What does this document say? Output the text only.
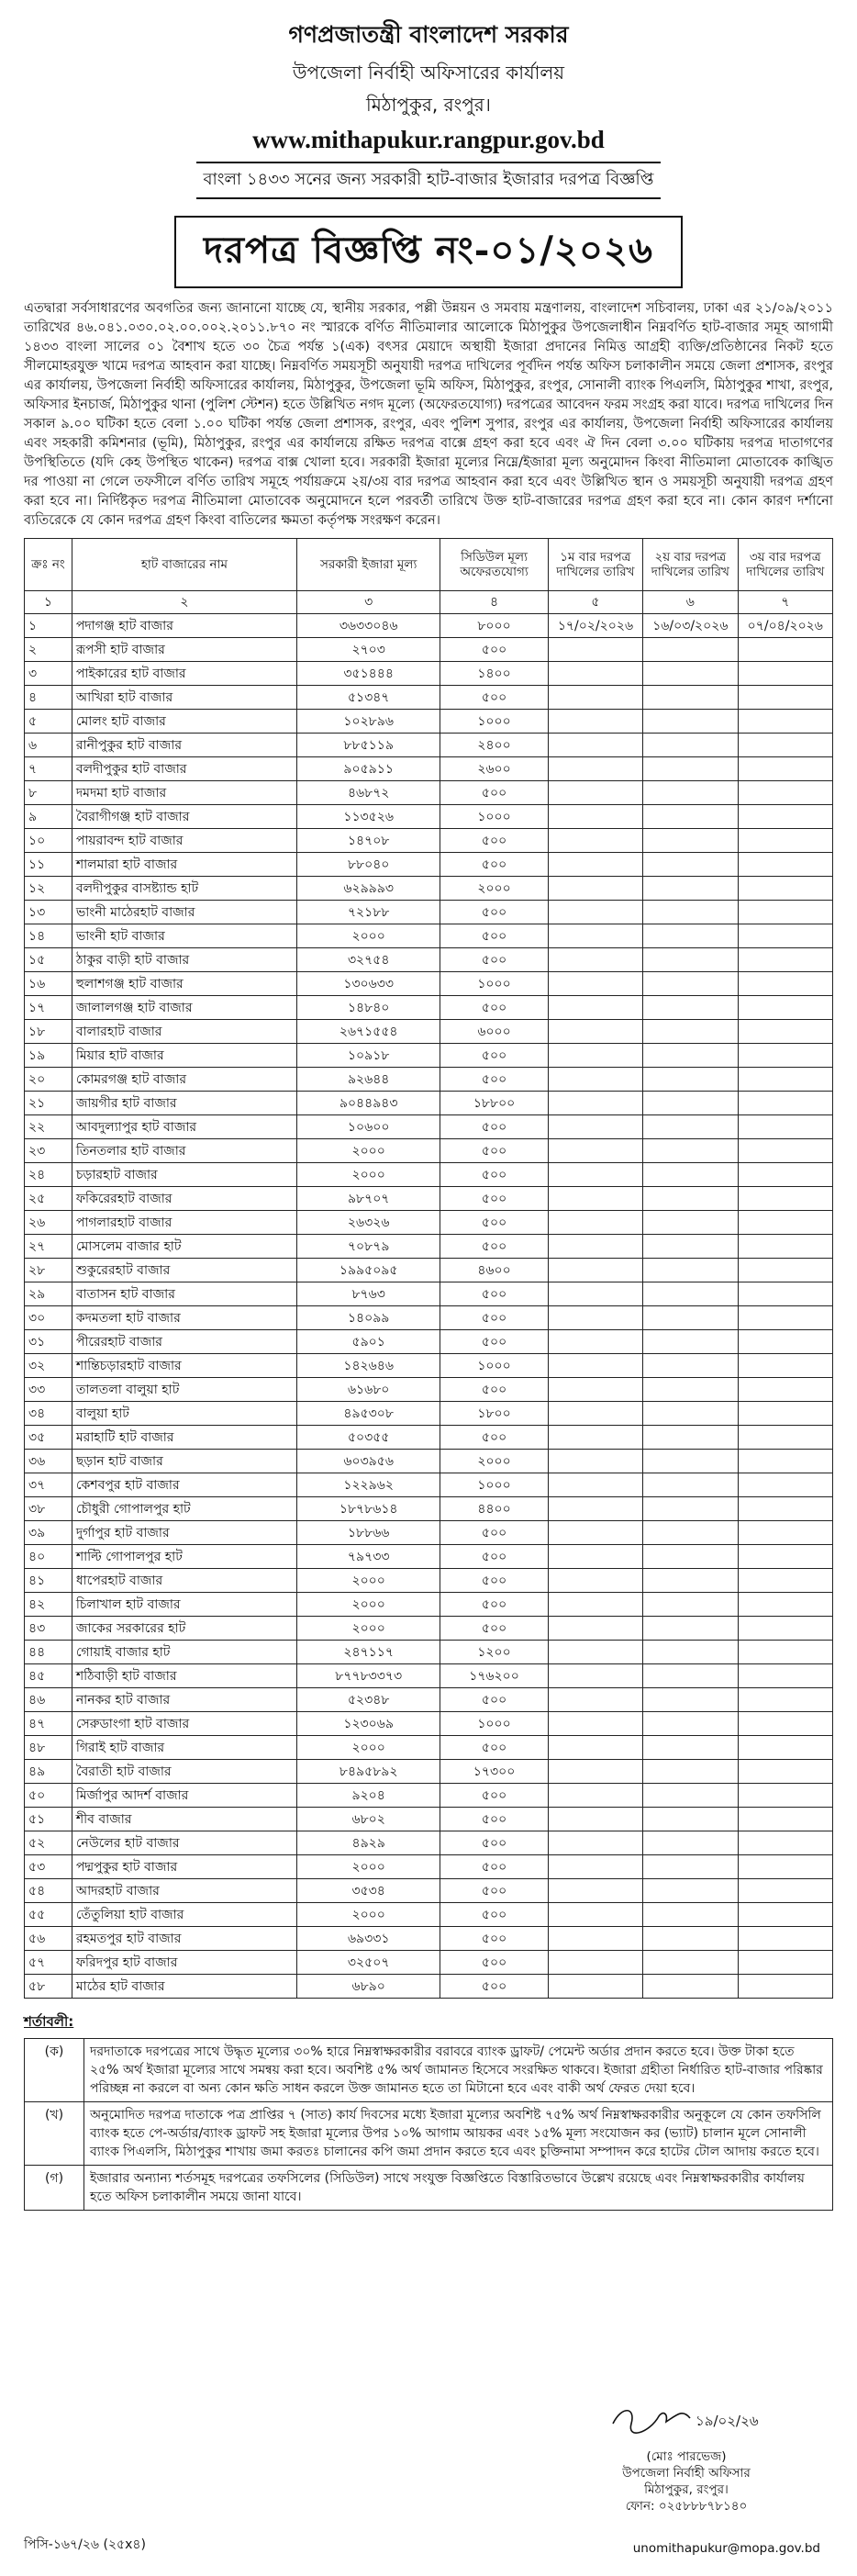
গণপ্রজাতন্ত্রী বাংলাদেশ সরকার
উপজেলা নির্বাহী অফিসারের কার্যালয়
মিঠাপুকুর, রংপুর।
www.mithapukur.rangpur.gov.bd
বাংলা ১৪৩৩ সনের জন্য সরকারী হাট-বাজার ইজারার দরপত্র বিজ্ঞপ্তি
দরপত্র বিজ্ঞপ্তি নং-০১/২০২৬

এতদ্বারা সর্বসাধারণের অবগতির জন্য জানানো যাচ্ছে যে, স্থানীয় সরকার, পল্লী উন্নয়ন ও সমবায় মন্ত্রণালয়, বাংলাদেশ সচিবালয়, ঢাকা এর ২১/০৯/২০১১ তারিখের ৪৬.০৪১.০৩০.০২.০০.০০২.২০১১.৮৭০ নং স্মারকে বর্ণিত নীতিমালার আলোকে মিঠাপুকুর উপজেলাধীন নিম্নবর্ণিত হাট-বাজার সমূহ আগামী ১৪৩৩ বাংলা সালের ০১ বৈশাখ হতে ৩০ চৈত্র পর্যন্ত ১(এক) বৎসর মেয়াদে অস্থায়ী ইজারা প্রদানের নিমিত্ত আগ্রহী ব্যক্তি/প্রতিষ্ঠানের নিকট হতে সীলমোহরযুক্ত খামে দরপত্র আহবান করা যাচ্ছে। নিম্নবর্ণিত সময়সূচী অনুযায়ী দরপত্র দাখিলের পূর্বদিন পর্যন্ত অফিস চলাকালীন সময়ে জেলা প্রশাসক, রংপুর এর কার্যালয়, উপজেলা নির্বাহী অফিসারের কার্যালয়, মিঠাপুকুর, উপজেলা ভূমি অফিস, মিঠাপুকুর, রংপুর, সোনালী ব্যাংক পিএলসি, মিঠাপুকুর শাখা, রংপুর, অফিসার ইনচার্জ, মিঠাপুকুর থানা (পুলিশ স্টেশন) হতে উল্লিখিত নগদ মূল্যে (অফেরতযোগ্য) দরপত্রের আবেদন ফরম সংগ্রহ করা যাবে। দরপত্র দাখিলের দিন সকাল ৯.০০ ঘটিকা হতে বেলা ১.০০ ঘটিকা পর্যন্ত জেলা প্রশাসক, রংপুর, এবং পুলিশ সুপার, রংপুর এর কার্যালয়, উপজেলা নির্বাহী অফিসারের কার্যালয় এবং সহকারী কমিশনার (ভূমি), মিঠাপুকুর, রংপুর এর কার্যালয়ে রক্ষিত দরপত্র বাক্সে গ্রহণ করা হবে এবং ঐ দিন বেলা ৩.০০ ঘটিকায় দরপত্র দাতাগণের উপস্থিতিতে (যদি কেহ উপস্থিত থাকেন) দরপত্র বাক্স খোলা হবে। সরকারী ইজারা মূল্যের নিম্নে/ইজারা মূল্য অনুমোদন কিংবা নীতিমালা মোতাবেক কাঙ্খিত দর পাওয়া না গেলে তফসীলে বর্ণিত তারিখ সমূহে পর্যায়ক্রমে ২য়/৩য় বার দরপত্র আহবান করা হবে এবং উল্লিখিত স্থান ও সময়সূচী অনুযায়ী দরপত্র গ্রহণ করা হবে না। নির্দিষ্টকৃত দরপত্র নীতিমালা মোতাবেক অনুমোদনে হলে পরবর্তী তারিখে উক্ত হাট-বাজারের দরপত্র গ্রহণ করা হবে না। কোন কারণ দর্শানো ব্যতিরেকে যে কোন দরপত্র গ্রহণ কিংবা বাতিলের ক্ষমতা কর্তৃপক্ষ সংরক্ষণ করেন।

ক্রঃ নং	হাট বাজারের নাম	সরকারী ইজারা মূল্য	সিডিউল মূল্য অফেরতযোগ্য	১ম বার দরপত্র দাখিলের তারিখ	২য় বার দরপত্র দাখিলের তারিখ	৩য় বার দরপত্র দাখিলের তারিখ
১	২	৩	৪	৫	৬	৭
১	পদাগঞ্জ হাট বাজার	৩৬৩৩০৪৬	৮০০০	১৭/০২/২০২৬	১৬/০৩/২০২৬	০৭/০৪/২০২৬
২	রূপসী হাট বাজার	২৭০৩	৫০০			
৩	পাইকারের হাট বাজার	৩৫১৪৪৪	১৪০০			
৪	আখিরা হাট বাজার	৫১৩৪৭	৫০০			
৫	মোলং হাট বাজার	১০২৮৯৬	১০০০			
৬	রানীপুকুর হাট বাজার	৮৮৫১১৯	২৪০০			
৭	বলদীপুকুর হাট বাজার	৯০৫৯১১	২৬০০			
৮	দমদমা হাট বাজার	৪৬৮৭২	৫০০			
৯	বৈরাগীগঞ্জ হাট বাজার	১১৩৫২৬	১০০০			
১০	পায়রাবন্দ হাট বাজার	১৪৭০৮	৫০০			
১১	শালমারা হাট বাজার	৮৮০৪০	৫০০			
১২	বলদীপুকুর বাসষ্ট্যান্ড হাট	৬২৯৯৯৩	২০০০			
১৩	ভাংনী মাঠেরহাট বাজার	৭২১৮৮	৫০০			
১৪	ভাংনী হাট বাজার	২০০০	৫০০			
১৫	ঠাকুর বাড়ী হাট বাজার	৩২৭৫৪	৫০০			
১৬	হুলাশগঞ্জ হাট বাজার	১৩০৬৩৩	১০০০			
১৭	জালালগঞ্জ হাট বাজার	১৪৮৪০	৫০০			
১৮	বালারহাট বাজার	২৬৭১৫৫৪	৬০০০			
১৯	মিয়ার হাট বাজার	১০৯১৮	৫০০			
২০	কোমরগঞ্জ হাট বাজার	৯২৬৪৪	৫০০			
২১	জায়গীর হাট বাজার	৯০৪৪৯৪৩	১৮৮০০			
২২	আবদুল্যাপুর হাট বাজার	১০৬০০	৫০০			
২৩	তিনতলার হাট বাজার	২০০০	৫০০			
২৪	চড়ারহাট বাজার	২০০০	৫০০			
২৫	ফকিরেরহাট বাজার	৯৮৭০৭	৫০০			
২৬	পাগলারহাট বাজার	২৬৩২৬	৫০০			
২৭	মোসলেম বাজার হাট	৭০৮৭৯	৫০০			
২৮	শুকুরেরহাট বাজার	১৯৯৫০৯৫	৪৬০০			
২৯	বাতাসন হাট বাজার	৮৭৬৩	৫০০			
৩০	কদমতলা হাট বাজার	১৪০৯৯	৫০০			
৩১	পীরেরহাট বাজার	৫৯০১	৫০০			
৩২	শান্তিচড়ারহাট বাজার	১৪২৬৪৬	১০০০			
৩৩	তালতলা বালুয়া হাট	৬১৬৮০	৫০০			
৩৪	বালুয়া হাট	৪৯৫৩০৮	১৮০০			
৩৫	মরাহাটি হাট বাজার	৫০৩৫৫	৫০০			
৩৬	ছড়ান হাট বাজার	৬০৩৯৫৬	২০০০			
৩৭	কেশবপুর হাট বাজার	১২২৯৬২	১০০০			
৩৮	চৌধুরী গোপালপুর হাট	১৮৭৮৬১৪	৪৪০০			
৩৯	দুর্গাপুর হাট বাজার	১৮৮৬৬	৫০০			
৪০	শাল্টি গোপালপুর হাট	৭৯৭৩৩	৫০০			
৪১	ধাপেরহাট বাজার	২০০০	৫০০			
৪২	চিলাখাল হাট বাজার	২০০০	৫০০			
৪৩	জাকের সরকারের হাট	২০০০	৫০০			
৪৪	গোয়াই বাজার হাট	২৪৭১১৭	১২০০			
৪৫	শঠিবাড়ী হাট বাজার	৮৭৭৮৩৩৭৩	১৭৬২০০			
৪৬	নানকর হাট বাজার	৫২৩৪৮	৫০০			
৪৭	সেরুডাংগা হাট বাজার	১২৩০৬৯	১০০০			
৪৮	গিরাই হাট বাজার	২০০০	৫০০			
৪৯	বৈরাতী হাট বাজার	৮৪৯৫৮৯২	১৭৩০০			
৫০	মির্জাপুর আদর্শ বাজার	৯২০৪	৫০০			
৫১	শীব বাজার	৬৮০২	৫০০			
৫২	নেউলের হাট বাজার	৪৯২৯	৫০০			
৫৩	পদ্মপুকুর হাট বাজার	২০০০	৫০০			
৫৪	আদরহাট বাজার	৩৫৩৪	৫০০			
৫৫	তেঁতুলিয়া হাট বাজার	২০০০	৫০০			
৫৬	রহমতপুর হাট বাজার	৬৯৩৩১	৫০০			
৫৭	ফরিদপুর হাট বাজার	৩২৫০৭	৫০০			
৫৮	মাঠের হাট বাজার	৬৮৯০	৫০০			
শর্তাবলী:
(ক)	দরদাতাকে দরপত্রের সাথে উদ্ধৃত মূল্যের ৩০% হারে নিম্নস্বাক্ষরকারীর বরাবরে ব্যাংক ড্রাফট/ পেমেন্ট অর্ডার প্রদান করতে হবে। উক্ত টাকা হতে ২৫% অর্থ ইজারা মূল্যের সাথে সমন্বয় করা হবে। অবশিষ্ট ৫% অর্থ জামানত হিসেবে সংরক্ষিত থাকবে। ইজারা গ্রহীতা নির্ধারিত হাট-বাজার পরিষ্কার পরিচ্ছন্ন না করলে বা অন্য কোন ক্ষতি সাধন করলে উক্ত জামানত হতে তা মিটানো হবে এবং বাকী অর্থ ফেরত দেয়া হবে।
(খ)	অনুমোদিত দরপত্র দাতাকে পত্র প্রাপ্তির ৭ (সাত) কার্য দিবসের মধ্যে ইজারা মূল্যের অবশিষ্ট ৭৫% অর্থ নিম্নস্বাক্ষরকারীর অনুকূলে যে কোন তফসিলি ব্যাংক হতে পে-অর্ডার/ব্যাংক ড্রাফট সহ ইজারা মূল্যের উপর ১০% আগাম আয়কর এবং ১৫% মূল্য সংযোজন কর (ভ্যাট) চালান মূলে সোনালী ব্যাংক পিএলসি, মিঠাপুকুর শাখায় জমা করতঃ চালানের কপি জমা প্রদান করতে হবে এবং চুক্তিনামা সম্পাদন করে হাটের টোল আদায় করতে হবে।
(গ)	ইজারার অন্যান্য শর্তসমূহ দরপত্রের তফসিলের (সিডিউল) সাথে সংযুক্ত বিজ্ঞপ্তিতে বিস্তারিতভাবে উল্লেখ রয়েছে এবং নিম্নস্বাক্ষরকারীর কার্যালয় হতে অফিস চলাকালীন সময়ে জানা যাবে।
১৯/০২/২৬
(মোঃ পারভেজ)
উপজেলা নির্বাহী অফিসার
মিঠাপুকুর, রংপুর।
ফোন: ০২৫৮৮৮৭৮১৪০
পিসি-১৬৭/২৬ (২৫x৪)	unomithapukur@mopa.gov.bd
